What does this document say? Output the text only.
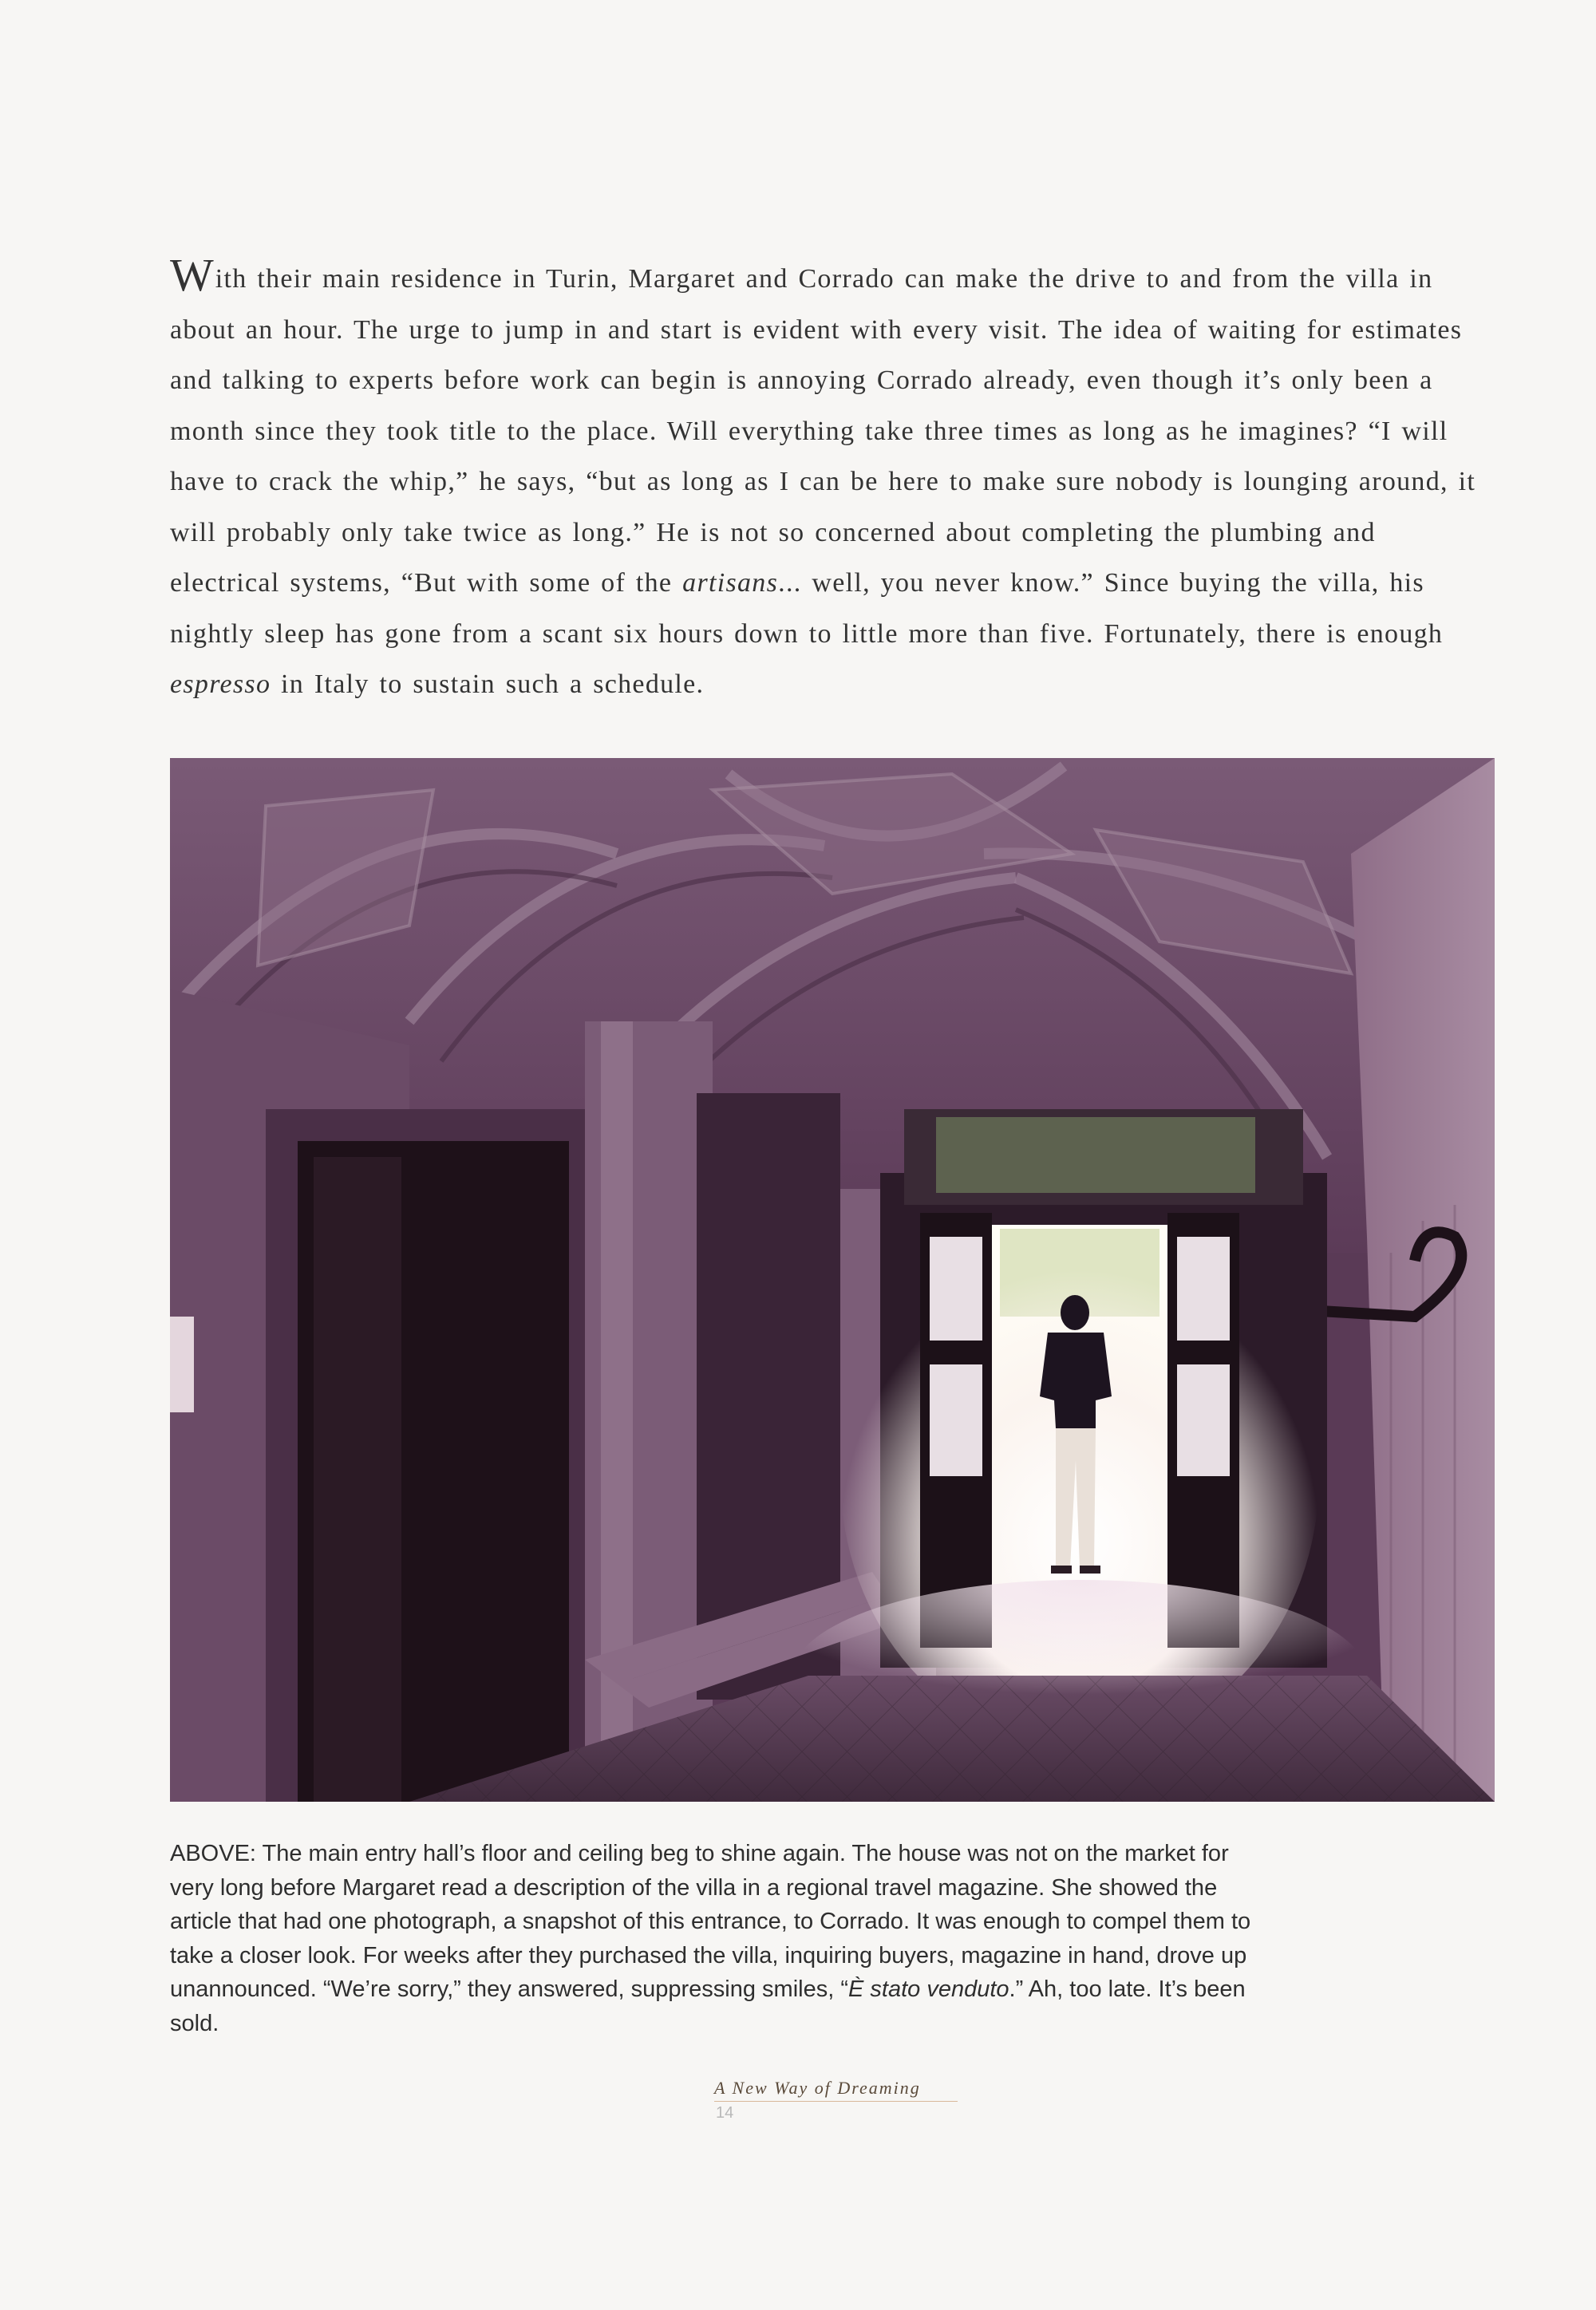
With their main residence in Turin, Margaret and Corrado can make the drive to and from the villa in about an hour. The urge to jump in and start is evident with every visit. The idea of waiting for estimates and talking to experts before work can begin is annoying Corrado already, even though it’s only been a month since they took title to the place. Will everything take three times as long as he imagines? “I will have to crack the whip,” he says, “but as long as I can be here to make sure nobody is lounging around, it will probably only take twice as long.” He is not so concerned about completing the plumbing and electrical systems, “But with some of the artisans... well, you never know.” Since buying the villa, his nightly sleep has gone from a scant six hours down to little more than five. Fortunately, there is enough espresso in Italy to sustain such a schedule.

ABOVE: The main entry hall’s floor and ceiling beg to shine again. The house was not on the market for very long before Margaret read a description of the villa in a regional travel magazine. She showed the article that had one photograph, a snapshot of this entrance, to Corrado. It was enough to compel them to take a closer look. For weeks after they purchased the villa, inquiring buyers, magazine in hand, drove up unannounced. “We’re sorry,” they answered, suppressing smiles, “È stato venduto.” Ah, too late. It’s been sold.

A New Way of Dreaming
14
